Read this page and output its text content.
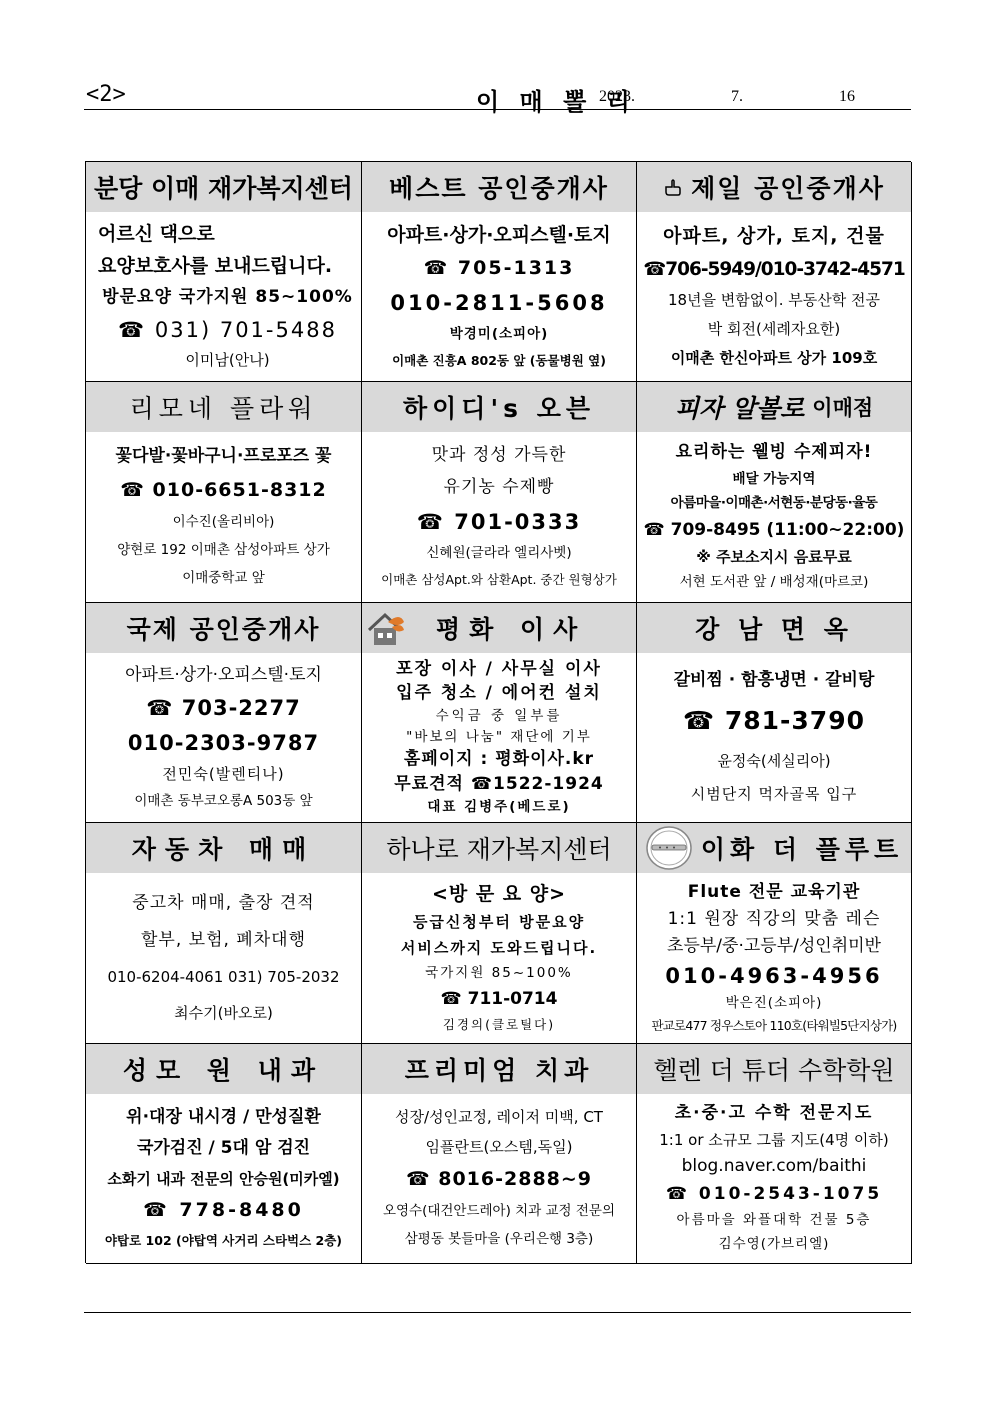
<2>	이 매 뽈 리
2023.   7.   16
분당 이매 재가복지센터
어르신 댁으로
요양보호사를 보내드립니다.
방문요양 국가지원 85~100%
☎ 031) 701-5488
이미남(안나)
베스트 공인중개사
아파트·상가·오피스텔·토지
☎ 705-1313
010-2811-5608
박경미(소피아)
이매촌 진흥A 802동 앞 (동물병원 옆)
제일 공인중개사
아파트, 상가, 토지, 건물
☎706-5949/010-3742-4571
18년을 변함없이. 부동산학 전공
박 회전(세례자요한)
이매촌 한신아파트 상가 109호
리모네 플라워
꽃다발·꽃바구니·프로포즈 꽃
☎ 010-6651-8312
이수진(올리비아)
양현로 192 이매촌 삼성아파트 상가
이매중학교 앞
하이디's 오븐
맛과 정성 가득한
유기농 수제빵
☎ 701-0333
신혜원(글라라 엘리사벳)
이매촌 삼성Apt.와 삼환Apt. 중간 원형상가
피자 알볼로 이매점
요리하는 웰빙 수제피자!
배달 가능지역
아름마을·이매촌·서현동·분당동·율동
☎ 709-8495 (11:00~22:00)
※ 주보소지시 음료무료
서현 도서관 앞 / 배성재(마르코)
국제 공인중개사
아파트·상가·오피스텔·토지
☎ 703-2277
010-2303-9787
전민숙(발렌티나)
이매촌 동부코오롱A 503동 앞
평화 이사
포장 이사 / 사무실 이사
입주 청소 / 에어컨 설치
수익금 중 일부를
"바보의 나눔" 재단에 기부
홈페이지 : 평화이사.kr
무료견적 ☎1522-1924
대표 김병주(베드로)
강 남 면 옥
갈비찜 · 함흥냉면 · 갈비탕
☎ 781-3790
윤정숙(세실리아)
시범단지 먹자골목 입구
자동차 매매
중고차 매매, 출장 견적
할부, 보험, 폐차대행
010-6204-4061 031) 705-2032
최수기(바오로)
하나로 재가복지센터
<방 문 요 양>
등급신청부터 방문요양
서비스까지 도와드립니다.
국가지원 85~100%
☎ 711-0714
김경의(클로틸다)
이화 더 플루트
Flute 전문 교육기관
1:1 원장 직강의 맞춤 레슨
초등부/중·고등부/성인취미반
010-4963-4956
박은진(소피아)
판교로477 정우스토아 110호(타워빌5단지상가)
성모 원 내과
위·대장 내시경 / 만성질환
국가검진 / 5대 암 검진
소화기 내과 전문의 안승원(미카엘)
☎ 778-8480
야탑로 102 (야탑역 사거리 스타벅스 2층)
프리미엄 치과
성장/성인교정, 레이저 미백, CT
임플란트(오스템,독일)
☎ 8016-2888~9
오영수(대건안드레아) 치과 교정 전문의
삼평동 봇들마을 (우리은행 3층)
헬렌 더 튜더 수학학원
초·중·고 수학 전문지도
1:1 or 소규모 그룹 지도(4명 이하)
blog.naver.com/baithi
☎ 010-2543-1075
아름마을 와플대학 건물 5층
김수영(가브리엘)
